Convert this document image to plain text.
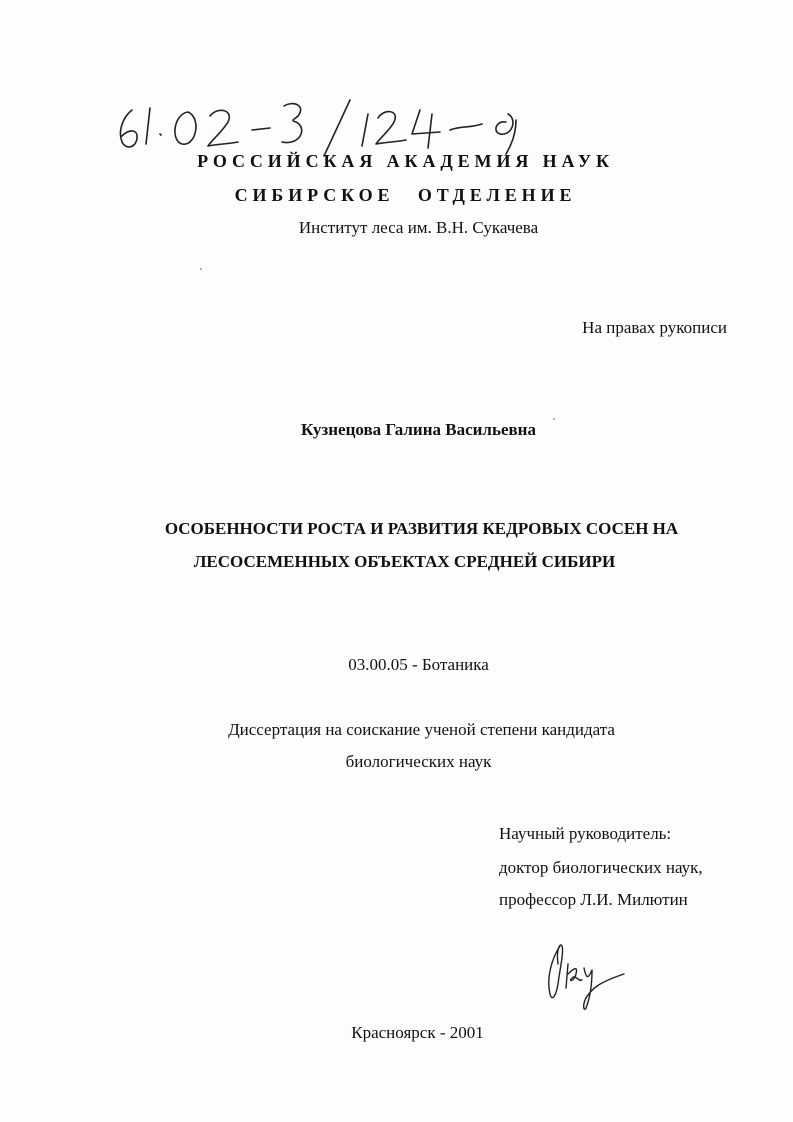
РОССИЙСКАЯ АКАДЕМИЯ НАУК
СИБИРСКОЕ ОТДЕЛЕНИЕ
Институт леса им. В.Н. Сукачева
На правах рукописи
Кузнецова Галина Васильевна
ОСОБЕННОСТИ РОСТА И РАЗВИТИЯ КЕДРОВЫХ СОСЕН НА
ЛЕСОСЕМЕННЫХ ОБЪЕКТАХ СРЕДНЕЙ СИБИРИ
03.00.05 - Ботаника
Диссертация на соискание ученой степени кандидата
биологических наук
Научный руководитель:
доктор биологических наук,
профессор Л.И. Милютин
Красноярск - 2001
